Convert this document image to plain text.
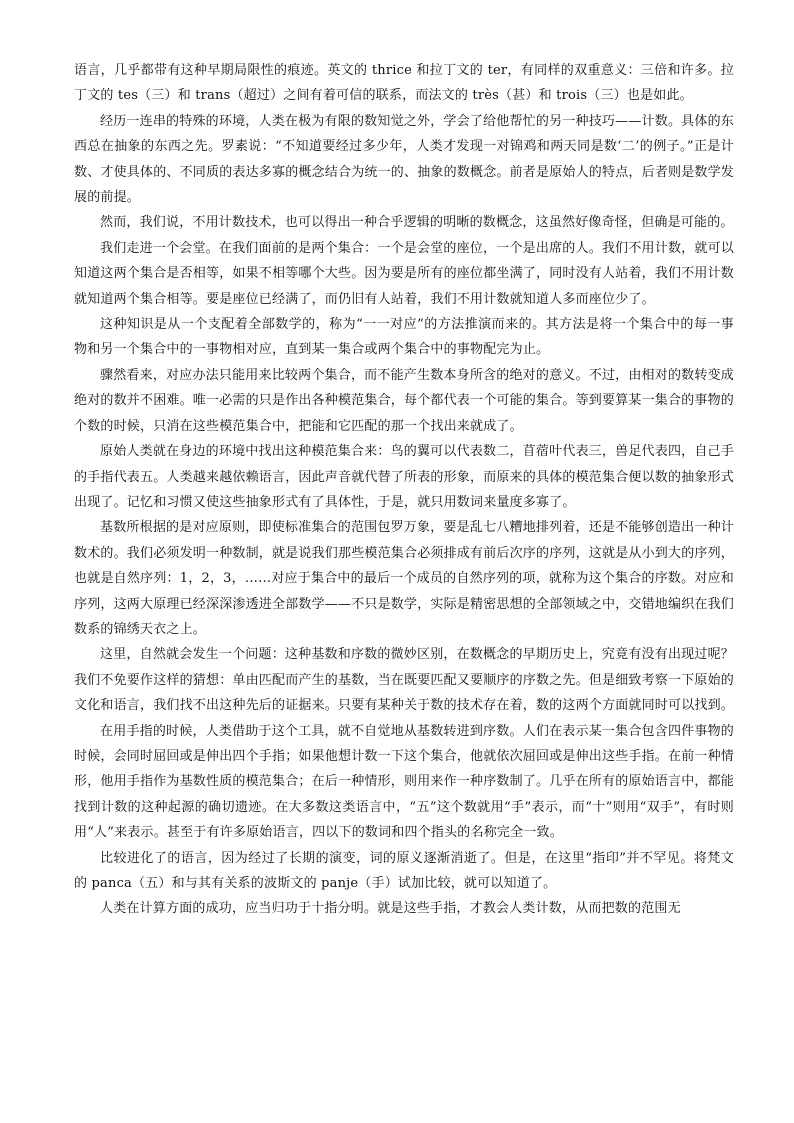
语言，几乎都带有这种早期局限性的痕迹。英文的 thrice 和拉丁文的 ter，有同样的双重意义：三倍和许多。拉丁文的 tes（三）和 trans（超过）之间有着可信的联系，而法文的 très（甚）和 trois（三）也是如此。

经历一连串的特殊的环境，人类在极为有限的数知觉之外，学会了给他帮忙的另一种技巧——计数。具体的东西总在抽象的东西之先。罗素说：“不知道要经过多少年，人类才发现一对锦鸡和两天同是数‘二’的例子。”正是计数、才使具体的、不同质的表达多寡的概念结合为统一的、抽象的数概念。前者是原始人的特点，后者则是数学发展的前提。

然而，我们说，不用计数技术，也可以得出一种合乎逻辑的明晰的数概念，这虽然好像奇怪，但确是可能的。

我们走进一个会堂。在我们面前的是两个集合：一个是会堂的座位，一个是出席的人。我们不用计数，就可以知道这两个集合是否相等，如果不相等哪个大些。因为要是所有的座位都坐满了，同时没有人站着，我们不用计数就知道两个集合相等。要是座位已经满了，而仍旧有人站着，我们不用计数就知道人多而座位少了。

这种知识是从一个支配着全部数学的，称为“一一对应”的方法推演而来的。其方法是将一个集合中的每一事物和另一个集合中的一事物相对应，直到某一集合或两个集合中的事物配完为止。

骤然看来，对应办法只能用来比较两个集合，而不能产生数本身所含的绝对的意义。不过，由相对的数转变成绝对的数并不困难。唯一必需的只是作出各种模范集合，每个都代表一个可能的集合。等到要算某一集合的事物的个数的时候，只消在这些模范集合中，把能和它匹配的那一个找出来就成了。

原始人类就在身边的环境中找出这种模范集合来：鸟的翼可以代表数二，苜蓿叶代表三，兽足代表四，自己手的手指代表五。人类越来越依赖语言，因此声音就代替了所表的形象，而原来的具体的模范集合便以数的抽象形式出现了。记忆和习惯又使这些抽象形式有了具体性，于是，就只用数词来量度多寡了。

基数所根据的是对应原则，即使标准集合的范围包罗万象，要是乱七八糟地排列着，还是不能够创造出一种计数术的。我们必须发明一种数制，就是说我们那些模范集合必须排成有前后次序的序列，这就是从小到大的序列，也就是自然序列：1，2，3，……对应于集合中的最后一个成员的自然序列的项，就称为这个集合的序数。对应和序列，这两大原理已经深深渗透进全部数学——不只是数学，实际是精密思想的全部领域之中，交错地编织在我们数系的锦绣天衣之上。

这里，自然就会发生一个问题：这种基数和序数的微妙区别，在数概念的早期历史上，究竟有没有出现过呢？我们不免要作这样的猜想：单由匹配而产生的基数，当在既要匹配又要顺序的序数之先。但是细致考察一下原始的文化和语言，我们找不出这种先后的证据来。只要有某种关于数的技术存在着，数的这两个方面就同时可以找到。

在用手指的时候，人类借助于这个工具，就不自觉地从基数转进到序数。人们在表示某一集合包含四件事物的时候，会同时屈回或是伸出四个手指；如果他想计数一下这个集合，他就依次屈回或是伸出这些手指。在前一种情形，他用手指作为基数性质的模范集合；在后一种情形，则用来作一种序数制了。几乎在所有的原始语言中，都能找到计数的这种起源的确切遗迹。在大多数这类语言中，“五”这个数就用“手”表示，而“十”则用“双手”，有时则用“人”来表示。甚至于有许多原始语言，四以下的数词和四个指头的名称完全一致。

比较进化了的语言，因为经过了长期的演变，词的原义逐渐消逝了。但是，在这里“指印”并不罕见。将梵文的 panca（五）和与其有关系的波斯文的 panje（手）试加比较，就可以知道了。

人类在计算方面的成功，应当归功于十指分明。就是这些手指，才教会人类计数，从而把数的范围无
